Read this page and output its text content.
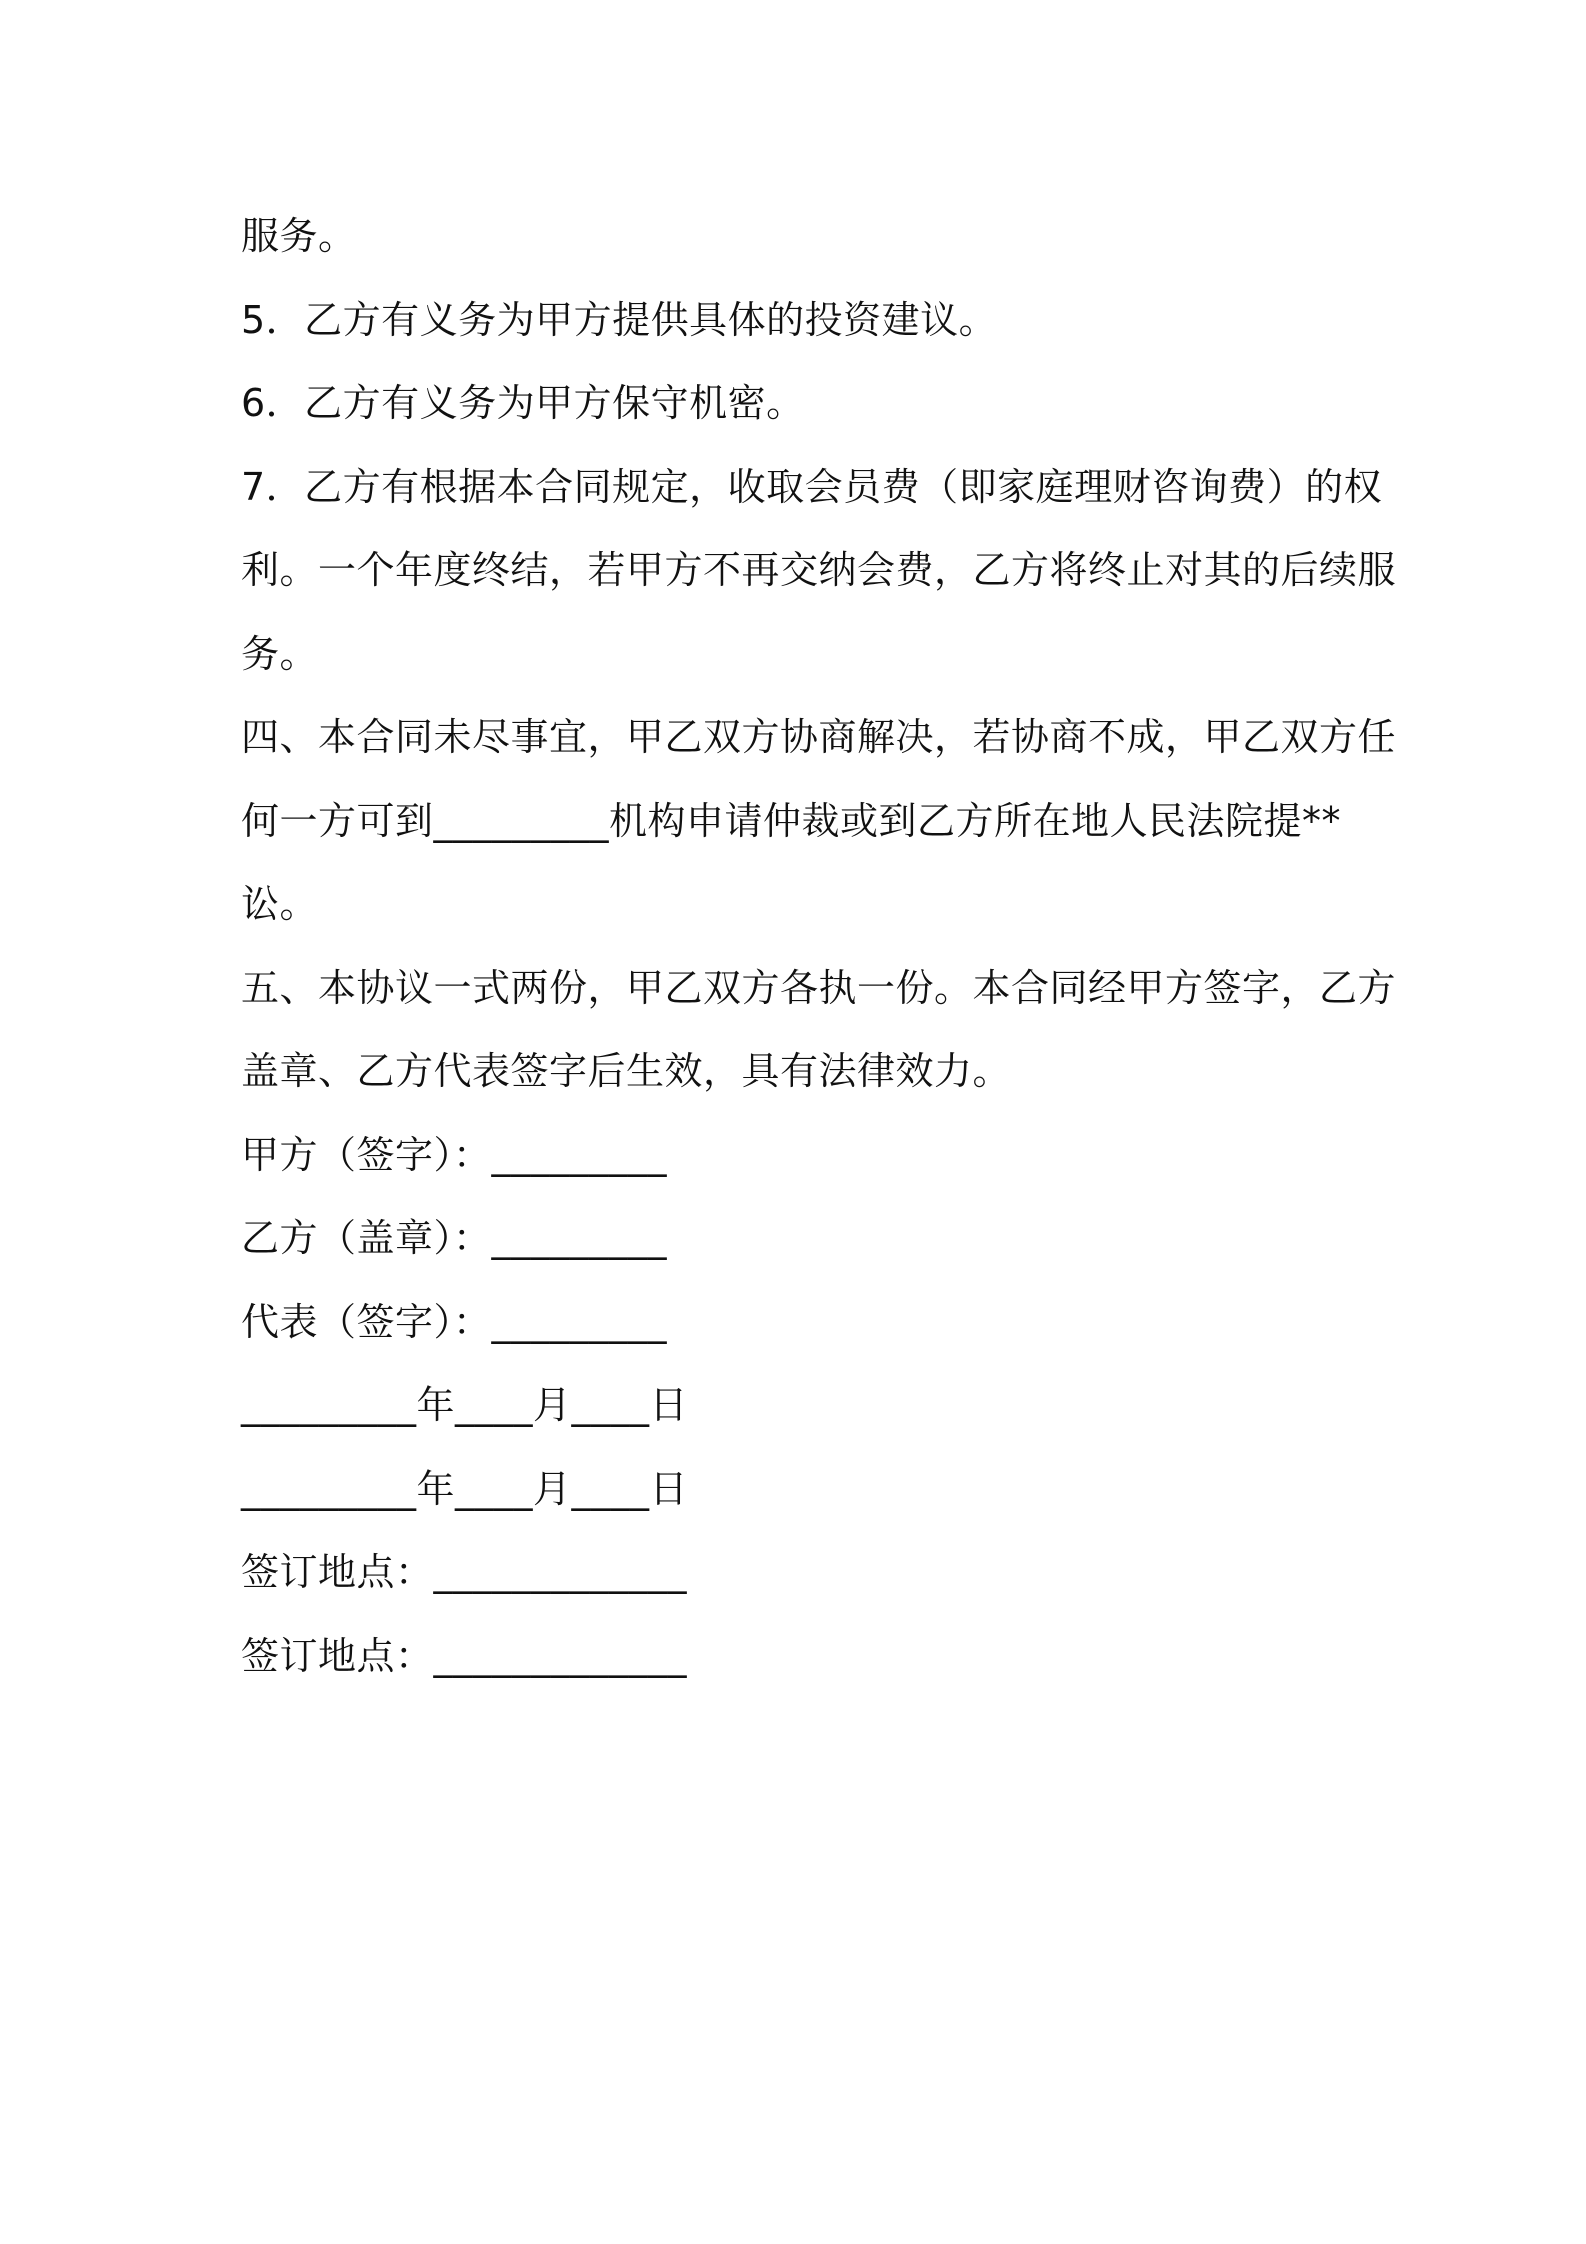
服务。
5．乙方有义务为甲方提供具体的投资建议。
6．乙方有义务为甲方保守机密。
7．乙方有根据本合同规定，收取会员费（即家庭理财咨询费）的权
利。一个年度终结，若甲方不再交纳会费，乙方将终止对其的后续服
务。
四、本合同未尽事宜，甲乙双方协商解决，若协商不成，甲乙双方任
何一方可到_________机构申请仲裁或到乙方所在地人民法院提**
讼。
五、本协议一式两份，甲乙双方各执一份。本合同经甲方签字，乙方
盖章、乙方代表签字后生效，具有法律效力。
甲方（签字）：_________
乙方（盖章）：_________
代表（签字）：_________
_________年____月____日
_________年____月____日
签订地点：_____________
签订地点：_____________
